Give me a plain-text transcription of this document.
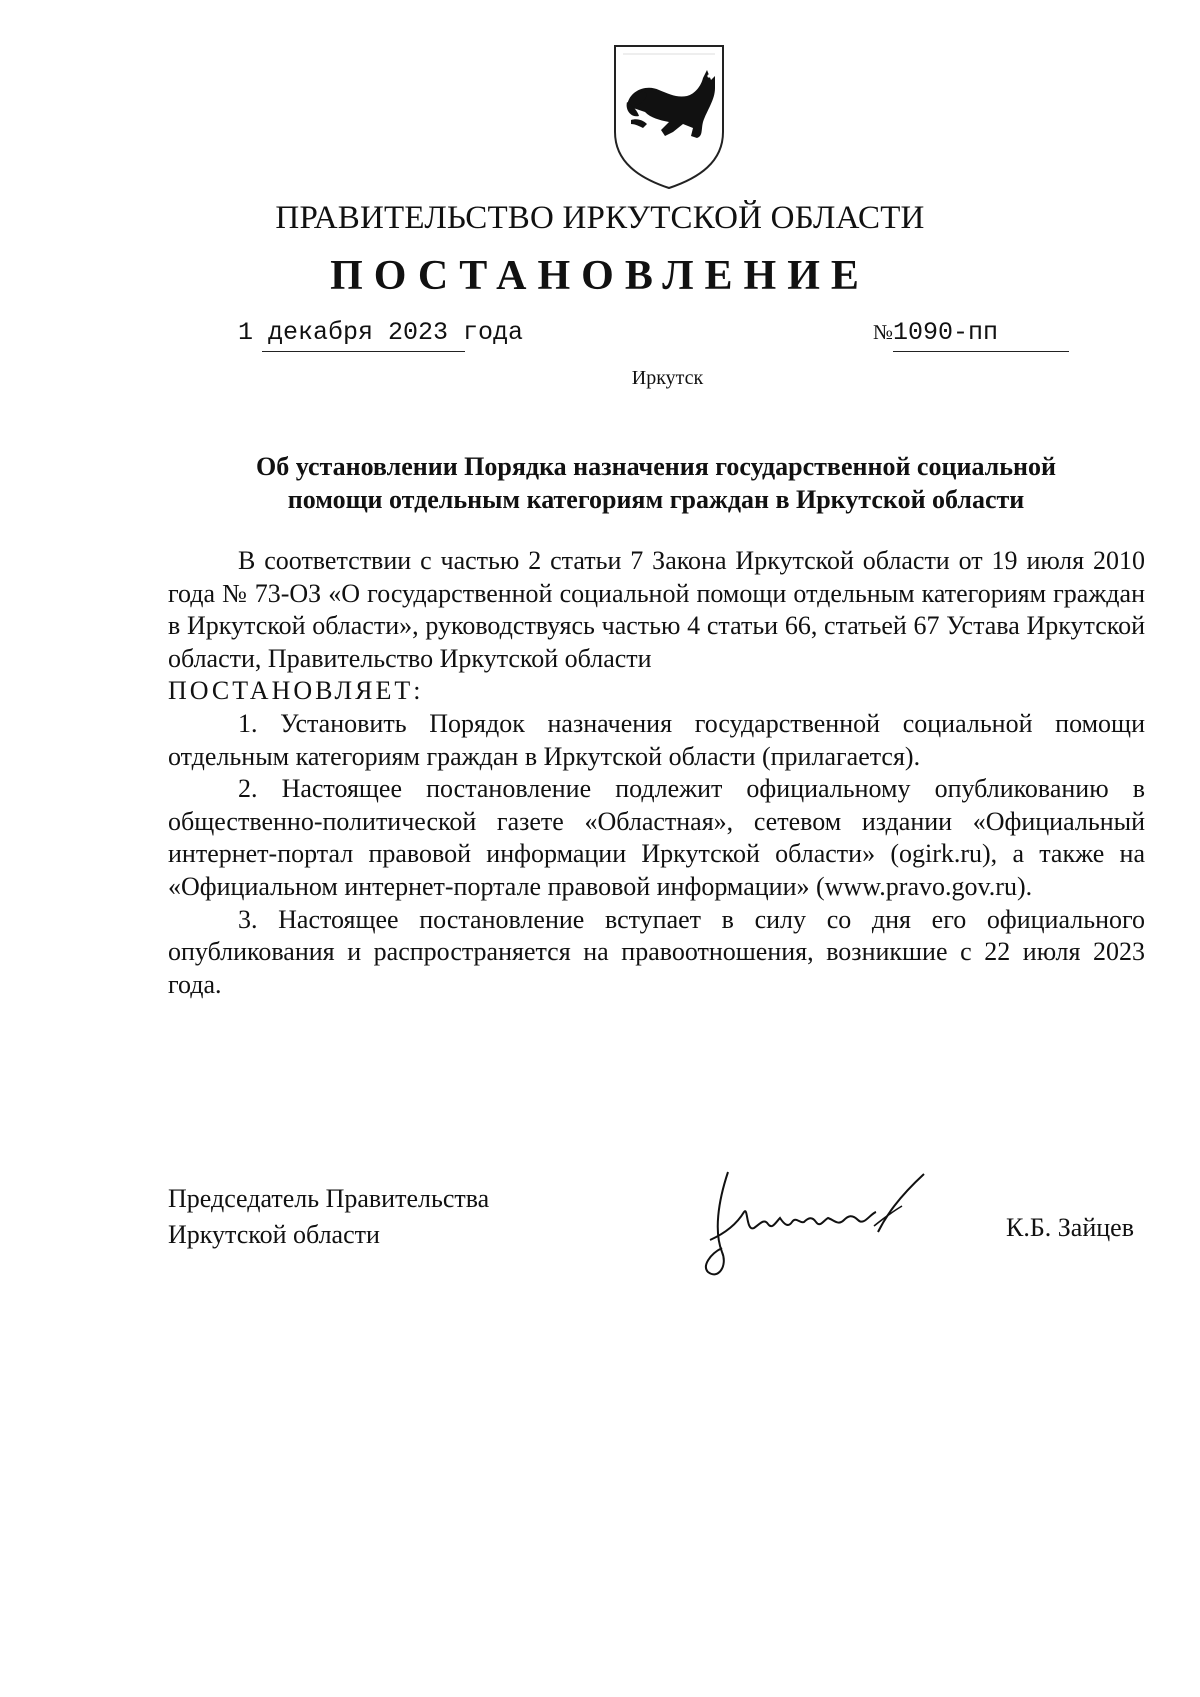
ПРАВИТЕЛЬСТВО ИРКУТСКОЙ ОБЛАСТИ
ПОСТАНОВЛЕНИЕ
1 декабря 2023 года	№1090-пп
Иркутск
Об установлении Порядка назначения государственной социальной
помощи отдельным категориям граждан в Иркутской области

В соответствии с частью 2 статьи 7 Закона Иркутской области от 19 июля 2010 года № 73-ОЗ «О государственной социальной помощи отдельным категориям граждан в Иркутской области», руководствуясь частью 4 статьи 66, статьей 67 Устава Иркутской области, Правительство Иркутской области

ПОСТАНОВЛЯЕТ:

1. Установить Порядок назначения государственной социальной помощи отдельным категориям граждан в Иркутской области (прилагается).

2. Настоящее постановление подлежит официальному опубликованию в общественно-политической газете «Областная», сетевом издании «Официальный интернет-портал правовой информации Иркутской области» (ogirk.ru), а также на «Официальном интернет-портале правовой информации» (www.pravo.gov.ru).

3. Настоящее постановление вступает в силу со дня его официального опубликования и распространяется на правоотношения, возникшие с 22 июля 2023 года.

Председатель Правительства
Иркутской области	К.Б. Зайцев
